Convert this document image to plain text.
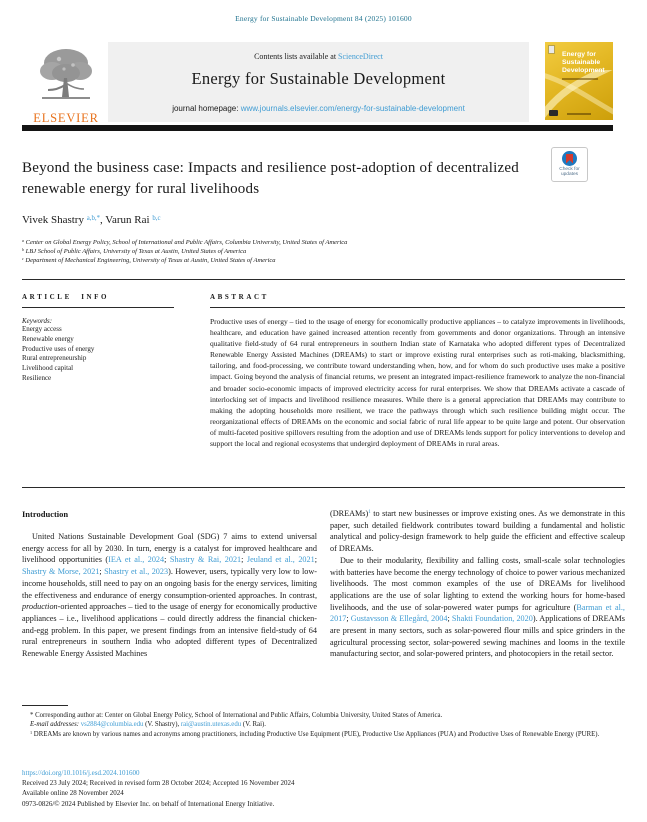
Energy for Sustainable Development 84 (2025) 101600
ELSEVIER
Contents lists available at ScienceDirect
Energy for Sustainable Development
journal homepage: www.journals.elsevier.com/energy-for-sustainable-development
Energy for
Sustainable
Development
Check for
updates
Beyond the business case: Impacts and resilience post-adoption of decentralized renewable energy for rural livelihoods
Vivek Shastry $^{a,b,*}$, Varun Rai $^{b,c}$
$^a$ Center on Global Energy Policy, School of International and Public Affairs, Columbia University, United States of America
$^b$ LBJ School of Public Affairs, University of Texas at Austin, United States of America
$^c$ Department of Mechanical Engineering, University of Texas at Austin, United States of America
ARTICLE INFO
Keywords:
Energy access
Renewable energy
Productive uses of energy
Rural entrepreneurship
Livelihood capital
Resilience
ABSTRACT
Productive uses of energy – tied to the usage of energy for economically productive appliances – to catalyze improvements in livelihoods, healthcare, and education have gained increased attention recently from governments and donor organizations. Through an intensive qualitative field-study of 64 rural entrepreneurs in southern Indian state of Karnataka who adopted different types of Decentralized Renewable Energy Assisted Machines (DREAMs) to start or improve existing rural enterprises such as roti-making, blacksmithing, tailoring, and food-processing, we contribute toward understanding when, how, and for whom do such productive uses make a positive impact. Going beyond the analysis of financial returns, we present an integrated impact-resilience framework to analyze the non-financial and broader socio-economic impacts of improved electricity access for rural enterprises. We show that DREAMs activate a cascade of interlocking set of impacts and livelihood resilience measures. While there is a general appreciation that DREAMs may contribute to making the adopting households more resilient, we trace the pathways through which such resilience building might occur. The reorganizational effects of DREAMs on the economic and social fabric of rural life appear to be quite large and potent. Our observation of multi-faceted positive spillovers resulting from the adoption and use of DREAMs lends support for policy interventions to develop and support the local and regional ecosystems that undergird deployment of DREAMs in rural areas.
Introduction

United Nations Sustainable Development Goal (SDG) 7 aims to extend universal energy access for all by 2030. In turn, energy is a catalyst for improved healthcare and livelihood opportunities (IEA et al., 2024; Shastry & Rai, 2021; Jeuland et al., 2021; Shastry & Morse, 2021; Shastry et al., 2023). However, users, typically very low to low-income households, still need to pay on an ongoing basis for the energy services, limiting the effectiveness and endurance of energy consumption-oriented approaches. In contrast, production-oriented approaches – tied to the usage of energy for economically productive appliances – i.e., livelihood applications – could directly address the financial chicken-and-egg problem. In this paper, we present findings from an intensive field-study of 64 rural entrepreneurs in southern India who adopted different types of Decentralized Renewable Energy Assisted Machines

(DREAMs)$^1$ to start new businesses or improve existing ones. As we demonstrate in this paper, such detailed fieldwork contributes toward building a fundamental and holistic analytical and policy-design framework to help guide the efficient and effective scaleup of DREAMs.

Due to their modularity, flexibility and falling costs, small-scale solar technologies with batteries have become the energy technology of choice to power various mechanized livelihoods. The most common examples of the use of DREAMs for livelihood applications are the use of solar lighting to extend the working hours for home-based livelihoods, and the use of solar-powered water pumps for agriculture (Barman et al., 2017; Gustavsson & Ellegård, 2004; Shakti Foundation, 2020). Applications of DREAMs are present in many sectors, such as solar-powered flour mills and spice grinders in the agricultural processing sector, solar-powered sewing machines and looms in the textile manufacturing sector, and solar-powered printers, and photocopiers in the retail sector.

* Corresponding author at: Center on Global Energy Policy, School of International and Public Affairs, Columbia University, United States of America.
E-mail addresses: vs2884@columbia.edu (V. Shastry), rai@austin.utexas.edu (V. Rai).
$^1$ DREAMs are known by various names and acronyms among practitioners, including Productive Use Equipment (PUE), Productive Use Appliances (PUA) and Productive Uses of Renewable Energy (PURE).
https://doi.org/10.1016/j.esd.2024.101600
Received 23 July 2024; Received in revised form 28 October 2024; Accepted 16 November 2024
Available online 28 November 2024
0973-0826/© 2024 Published by Elsevier Inc. on behalf of International Energy Initiative.
